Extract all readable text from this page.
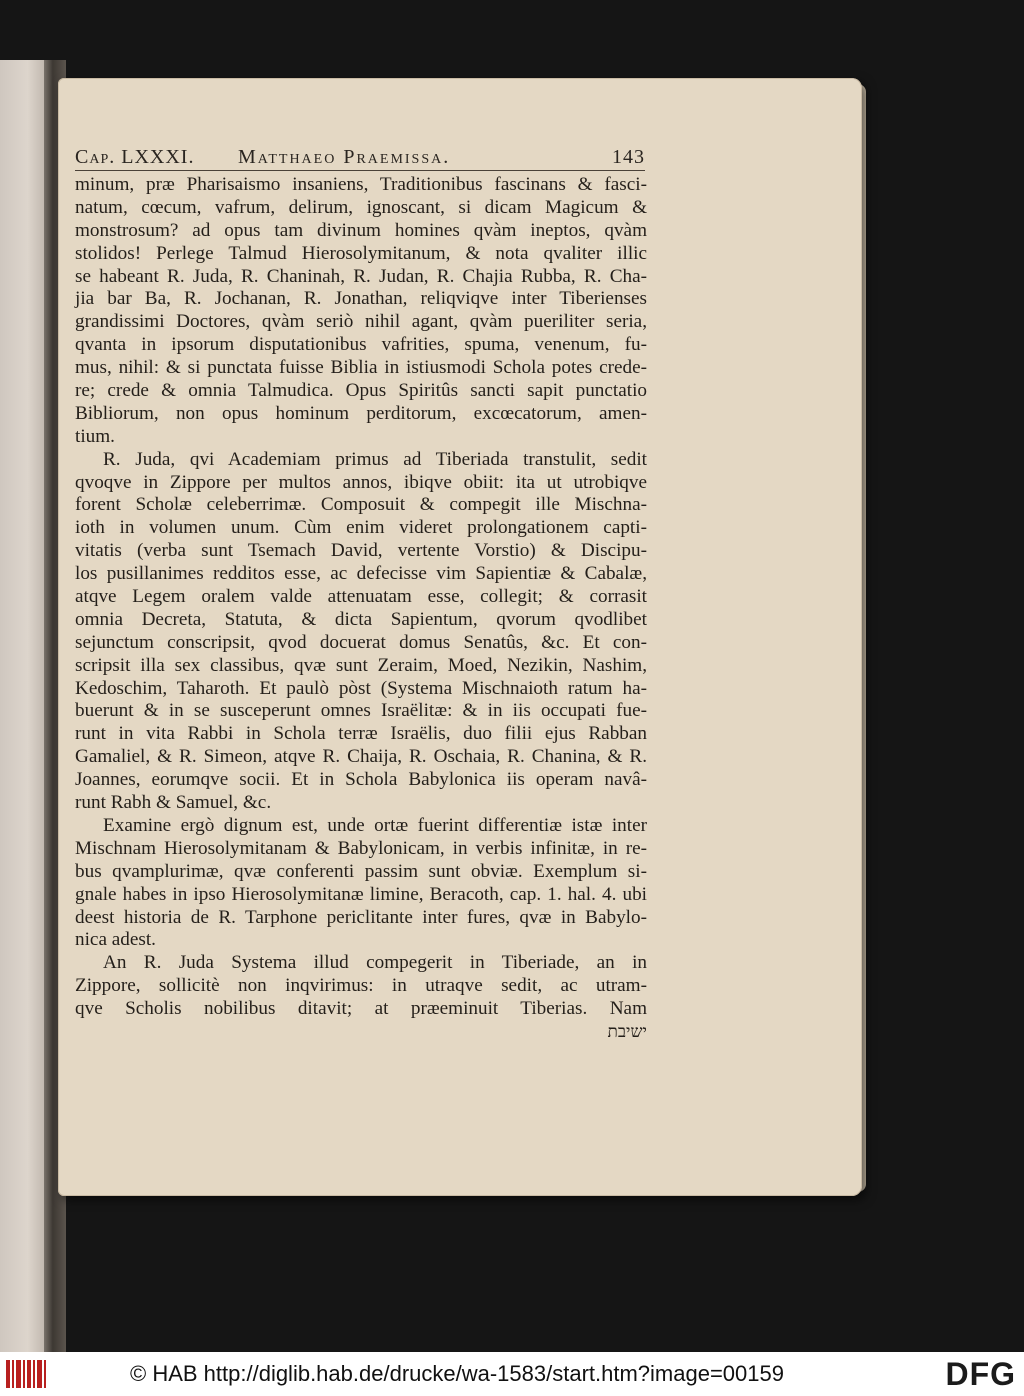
Cap. LXXXI. Matthaeo Praemissa.	143
minum, præ Pharisaismo insaniens, Traditionibus fascinans & fasci-
natum, cœcum, vafrum, delirum, ignoscant, si dicam Magicum &
monstrosum? ad opus tam divinum homines qvàm ineptos, qvàm
stolidos! Perlege Talmud Hierosolymitanum, & nota qvaliter illic
se habeant R. Juda, R. Chaninah, R. Judan, R. Chajia Rubba, R. Cha-
jia bar Ba, R. Jochanan, R. Jonathan, reliqviqve inter Tiberienses
grandissimi Doctores, qvàm seriò nihil agant, qvàm pueriliter seria,
qvanta in ipsorum disputationibus vafrities, spuma, venenum, fu-
mus, nihil: & si punctata fuisse Biblia in istiusmodi Schola potes crede-
re; crede & omnia Talmudica. Opus Spiritûs sancti sapit punctatio
Bibliorum, non opus hominum perditorum, excœcatorum, amen-
tium.
R. Juda, qvi Academiam primus ad Tiberiada transtulit, sedit
qvoqve in Zippore per multos annos, ibiqve obiit: ita ut utrobiqve
forent Scholæ celeberrimæ. Composuit & compegit ille Mischna-
ioth in volumen unum. Cùm enim videret prolongationem capti-
vitatis (verba sunt Tsemach David, vertente Vorstio) & Discipu-
los pusillanimes redditos esse, ac defecisse vim Sapientiæ & Cabalæ,
atqve Legem oralem valde attenuatam esse, collegit; & corrasit
omnia Decreta, Statuta, & dicta Sapientum, qvorum qvodlibet
sejunctum conscripsit, qvod docuerat domus Senatûs, &c. Et con-
scripsit illa sex classibus, qvæ sunt Zeraim, Moed, Nezikin, Nashim,
Kedoschim, Taharoth. Et paulò pòst (Systema Mischnaioth ratum ha-
buerunt & in se susceperunt omnes Israëlitæ: & in iis occupati fue-
runt in vita Rabbi in Schola terræ Israëlis, duo filii ejus Rabban
Gamaliel, & R. Simeon, atqve R. Chaija, R. Oschaia, R. Chanina, & R.
Joannes, eorumqve socii. Et in Schola Babylonica iis operam navâ-
runt Rabh & Samuel, &c.
Examine ergò dignum est, unde ortæ fuerint differentiæ istæ inter
Mischnam Hierosolymitanam & Babylonicam, in verbis infinitæ, in re-
bus qvamplurimæ, qvæ conferenti passim sunt obviæ. Exemplum si-
gnale habes in ipso Hierosolymitanæ limine, Beracoth, cap. 1. hal. 4. ubi
deest historia de R. Tarphone periclitante inter fures, qvæ in Babylo-
nica adest.
An R. Juda Systema illud compegerit in Tiberiade, an in
Zippore, sollicitè non inqvirimus: in utraqve sedit, ac utram-
qve Scholis nobilibus ditavit; at præeminuit Tiberias. Nam
ישיבת
© HAB http://diglib.hab.de/drucke/wa-1583/start.htm?image=00159	DFG
